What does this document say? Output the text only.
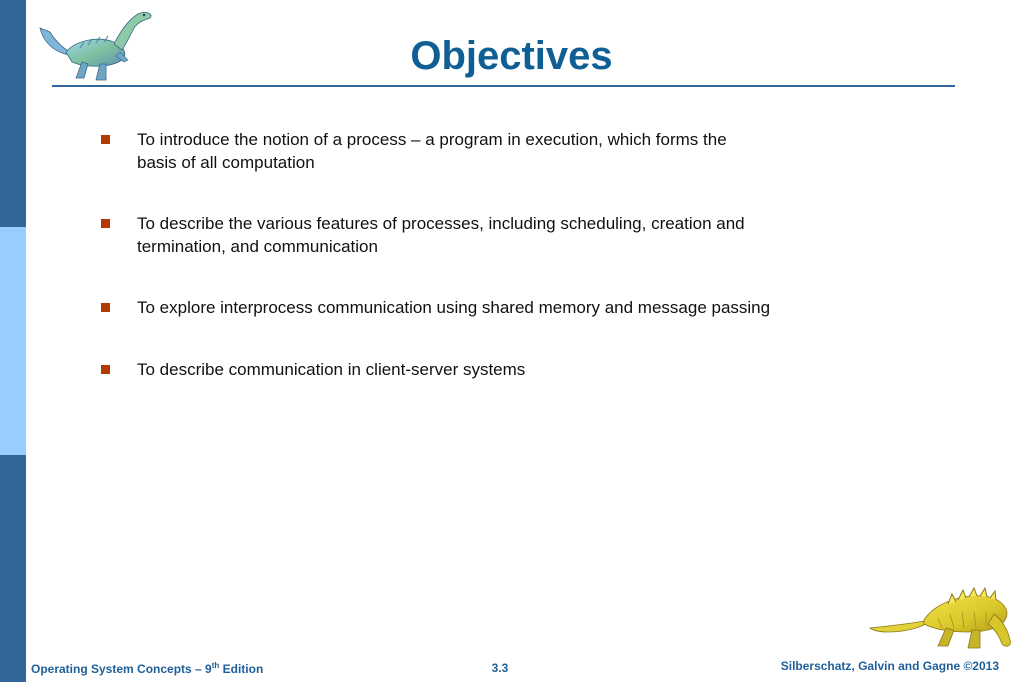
Objectives
To introduce the notion of a process – a program in execution, which forms the
basis of all computation
To describe the various features of processes, including scheduling, creation and
termination, and communication
To explore interprocess communication using shared memory and message passing
To describe communication in client-server systems
Operating System Concepts – 9th Edition	3.3	Silberschatz, Galvin and Gagne ©2013
